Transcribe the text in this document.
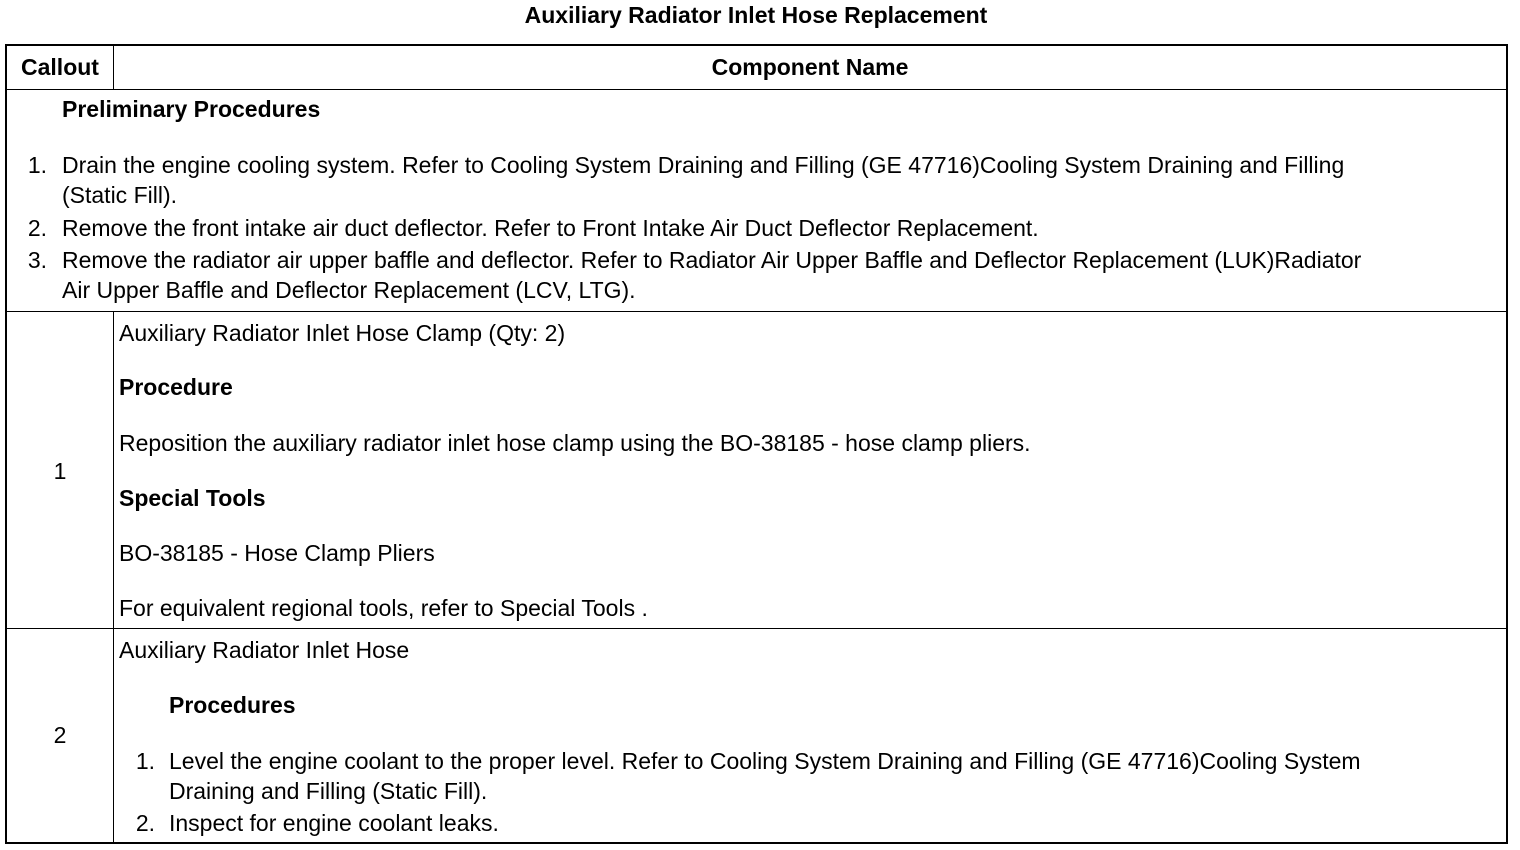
Auxiliary Radiator Inlet Hose Replacement
Callout	Component Name
Preliminary Procedures
1. Drain the engine cooling system. Refer to Cooling System Draining and Filling (GE 47716)Cooling System Draining and Filling
(Static Fill).
2. Remove the front intake air duct deflector. Refer to Front Intake Air Duct Deflector Replacement.
3. Remove the radiator air upper baffle and deflector. Refer to Radiator Air Upper Baffle and Deflector Replacement (LUK)Radiator
Air Upper Baffle and Deflector Replacement (LCV, LTG).
1
Auxiliary Radiator Inlet Hose Clamp (Qty: 2)
Procedure
Reposition the auxiliary radiator inlet hose clamp using the BO-38185 - hose clamp pliers.
Special Tools
BO-38185 - Hose Clamp Pliers
For equivalent regional tools, refer to Special Tools .
2
Auxiliary Radiator Inlet Hose
Procedures
1. Level the engine coolant to the proper level. Refer to Cooling System Draining and Filling (GE 47716)Cooling System
Draining and Filling (Static Fill).
2. Inspect for engine coolant leaks.
